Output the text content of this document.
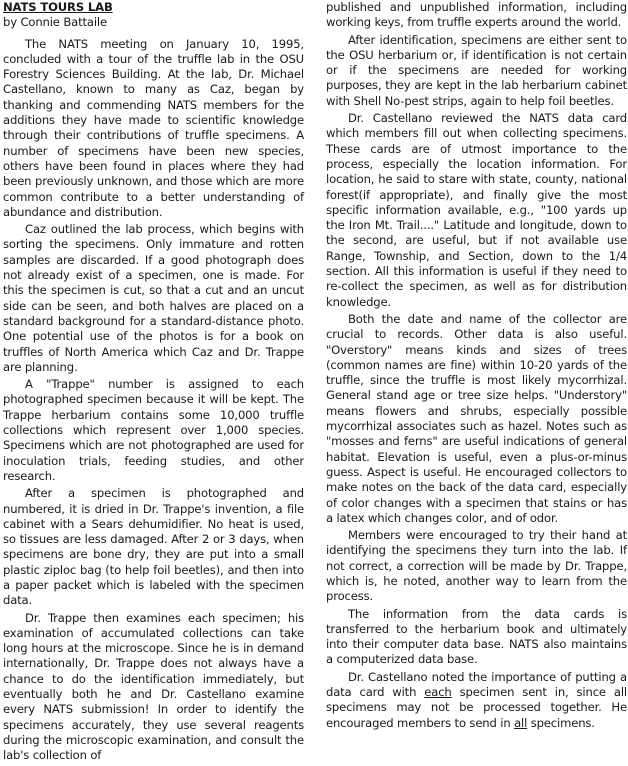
NATS TOURS LAB
by Connie Battaile

The NATS meeting on January 10, 1995, concluded with a tour of the truffle lab in the OSU Forestry Sciences Building. At the lab, Dr. Michael Castellano, known to many as Caz, began by thanking and commending NATS members for the additions they have made to scientific knowledge through their contributions of truffle specimens. A number of specimens have been new species, others have been found in places where they had been previously unknown, and those which are more common contribute to a better understanding of abundance and distribution.

Caz outlined the lab process, which begins with sorting the specimens. Only immature and rotten samples are discarded. If a good photograph does not already exist of a specimen, one is made. For this the specimen is cut, so that a cut and an uncut side can be seen, and both halves are placed on a standard background for a standard-distance photo. One potential use of the photos is for a book on truffles of North America which Caz and Dr. Trappe are planning.

A "Trappe" number is assigned to each photographed specimen because it will be kept. The Trappe herbarium contains some 10,000 truffle collections which represent over 1,000 species. Specimens which are not photographed are used for inoculation trials, feeding studies, and other research.

After a specimen is photographed and numbered, it is dried in Dr. Trappe's invention, a file cabinet with a Sears dehumidifier. No heat is used, so tissues are less damaged. After 2 or 3 days, when specimens are bone dry, they are put into a small plastic ziploc bag (to help foil beetles), and then into a paper packet which is labeled with the specimen data.

Dr. Trappe then examines each specimen; his examination of accumulated collections can take long hours at the microscope. Since he is in demand internationally, Dr. Trappe does not always have a chance to do the identification immediately, but eventually both he and Dr. Castellano examine every NATS submission! In order to identify the specimens accurately, they use several reagents during the microscopic examination, and consult the lab's collection of

published and unpublished information, including working keys, from truffle experts around the world.

After identification, specimens are either sent to the OSU herbarium or, if identification is not certain or if the specimens are needed for working purposes, they are kept in the lab herbarium cabinet with Shell No-pest strips, again to help foil beetles.

Dr. Castellano reviewed the NATS data card which members fill out when collecting specimens. These cards are of utmost importance to the process, especially the location information. For location, he said to stare with state, county, national forest(if appropriate), and finally give the most specific information available, e.g., "100 yards up the Iron Mt. Trail...." Latitude and longitude, down to the second, are useful, but if not available use Range, Township, and Section, down to the 1/4 section. All this information is useful if they need to re-collect the specimen, as well as for distribution knowledge.

Both the date and name of the collector are crucial to records. Other data is also useful. "Overstory" means kinds and sizes of trees (common names are fine) within 10-20 yards of the truffle, since the truffle is most likely mycorrhizal. General stand age or tree size helps. "Understory" means flowers and shrubs, especially possible mycorrhizal associates such as hazel. Notes such as "mosses and ferns" are useful indications of general habitat. Elevation is useful, even a plus-or-minus guess. Aspect is useful. He encouraged collectors to make notes on the back of the data card, especially of color changes with a specimen that stains or has a latex which changes color, and of odor.

Members were encouraged to try their hand at identifying the specimens they turn into the lab. If not correct, a correction will be made by Dr. Trappe, which is, he noted, another way to learn from the process.

The information from the data cards is transferred to the herbarium book and ultimately into their computer data base. NATS also maintains a computerized data base.

Dr. Castellano noted the importance of putting a data card with each specimen sent in, since all specimens may not be processed together. He encouraged members to send in all specimens.
